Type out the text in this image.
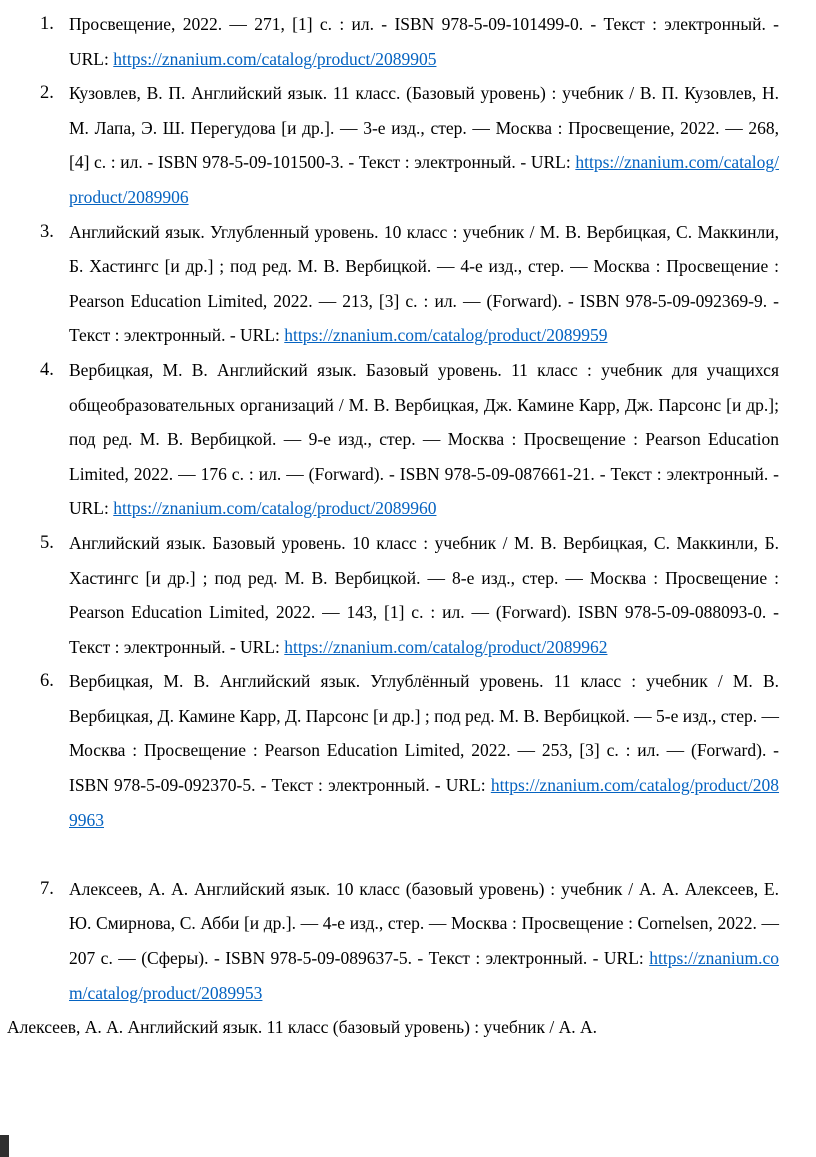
1. Просвещение, 2022. — 271, [1] с. : ил. - ISBN 978-5-09-101499-0. - Текст : электронный. - URL: https://znanium.com/catalog/product/2089905
2. Кузовлев, В. П. Английский язык. 11 класс. (Базовый уровень) : учебник / В. П. Кузовлев, Н. М. Лапа, Э. Ш. Перегудова [и др.]. — 3-е изд., стер. — Москва : Просвещение, 2022. — 268, [4] с. : ил. - ISBN 978-5-09-101500-3. - Текст : электронный. - URL: https://znanium.com/catalog/product/2089906
3. Английский язык. Углубленный уровень. 10 класс : учебник / М. В. Вербицкая, С. Маккинли, Б. Хастингс [и др.] ; под ред. М. В. Вербицкой. — 4-е изд., стер. — Москва : Просвещение : Pearson Education Limited, 2022. — 213, [3] с. : ил. — (Forward). - ISBN 978-5-09-092369-9. - Текст : электронный. - URL: https://znanium.com/catalog/product/2089959
4. Вербицкая, М. В. Английский язык. Базовый уровень. 11 класс : учебник для учащихся общеобразовательных организаций / М. В. Вербицкая, Дж. Камине Карр, Дж. Парсонс [и др.]; под ред. М. В. Вербицкой. — 9-е изд., стер. — Москва : Просвещение : Pearson Education Limited, 2022. — 176 с. : ил. — (Forward). - ISBN 978-5-09-087661-21. - Текст : электронный. - URL: https://znanium.com/catalog/product/2089960
5. Английский язык. Базовый уровень. 10 класс : учебник / М. В. Вербицкая, С. Маккинли, Б. Хастингс [и др.] ; под ред. М. В. Вербицкой. — 8-е изд., стер. — Москва : Просвещение : Pearson Education Limited, 2022. — 143, [1] с. : ил. — (Forward). ISBN 978-5-09-088093-0. - Текст : электронный. - URL: https://znanium.com/catalog/product/2089962
6. Вербицкая, М. В. Английский язык. Углублённый уровень. 11 класс : учебник / М. В. Вербицкая, Д. Камине Карр, Д. Парсонс [и др.] ; под ред. М. В. Вербицкой. — 5-е изд., стер. — Москва : Просвещение : Pearson Education Limited, 2022. — 253, [3] с. : ил. — (Forward). - ISBN 978-5-09-092370-5. - Текст : электронный. - URL: https://znanium.com/catalog/product/2089963
7. Алексеев, А. А. Английский язык. 10 класс (базовый уровень) : учебник / А. А. Алексеев, Е. Ю. Смирнова, С. Абби [и др.]. — 4-е изд., стер. — Москва : Просвещение : Cornelsen, 2022. — 207 с. — (Сферы). - ISBN 978-5-09-089637-5. - Текст : электронный. - URL: https://znanium.com/catalog/product/2089953
Алексеев, А. А. Английский язык. 11 класс (базовый уровень) : учебник / А. А.
